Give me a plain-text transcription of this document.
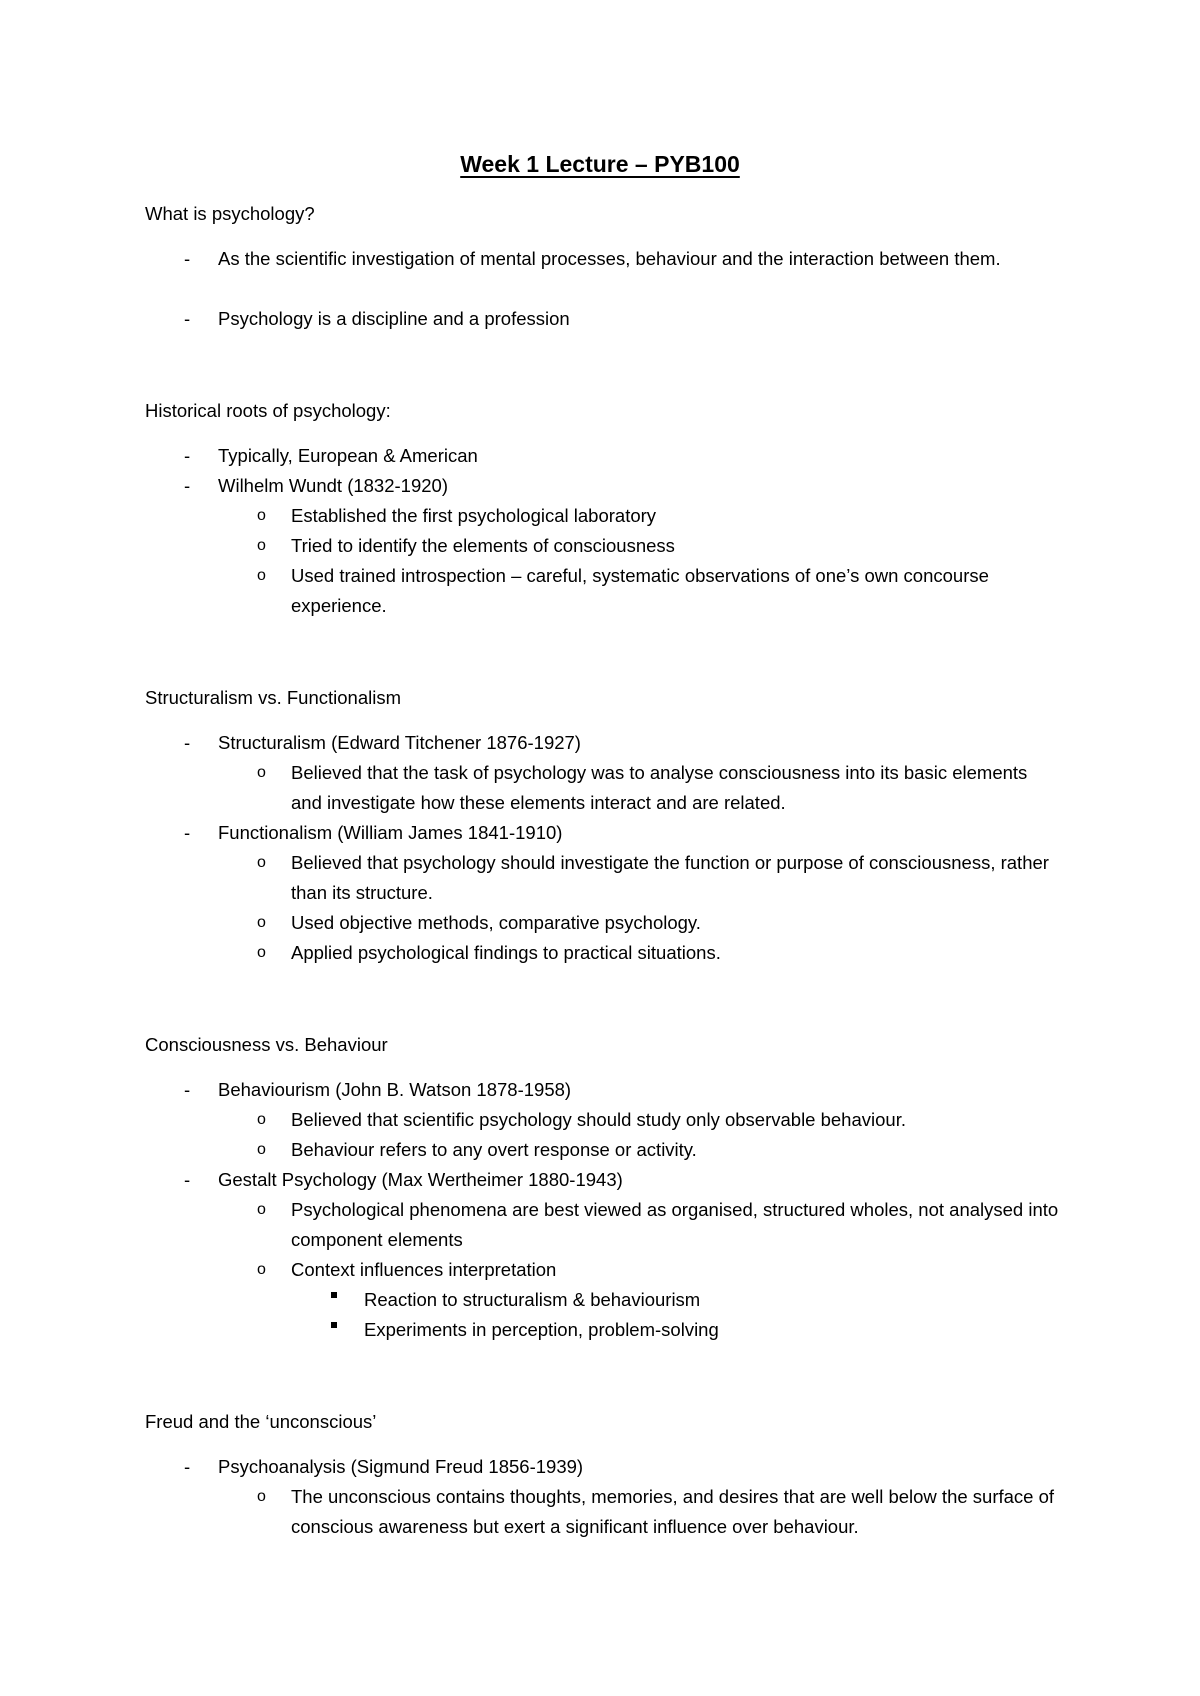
Week 1 Lecture – PYB100
What is psychology?
- As the scientific investigation of mental processes, behaviour and the interaction between them.
- Psychology is a discipline and a profession
Historical roots of psychology:
- Typically, European & American
- Wilhelm Wundt (1832-1920)
o Established the first psychological laboratory
o Tried to identify the elements of consciousness
o Used trained introspection – careful, systematic observations of one’s own concourse experience.
Structuralism vs. Functionalism
- Structuralism (Edward Titchener 1876-1927)
o Believed that the task of psychology was to analyse consciousness into its basic elements and investigate how these elements interact and are related.
- Functionalism (William James 1841-1910)
o Believed that psychology should investigate the function or purpose of consciousness, rather than its structure.
o Used objective methods, comparative psychology.
o Applied psychological findings to practical situations.
Consciousness vs. Behaviour
- Behaviourism (John B. Watson 1878-1958)
o Believed that scientific psychology should study only observable behaviour.
o Behaviour refers to any overt response or activity.
- Gestalt Psychology (Max Wertheimer 1880-1943)
o Psychological phenomena are best viewed as organised, structured wholes, not analysed into component elements
o Context influences interpretation
Reaction to structuralism & behaviourism
Experiments in perception, problem-solving
Freud and the ‘unconscious’
- Psychoanalysis (Sigmund Freud 1856-1939)
o The unconscious contains thoughts, memories, and desires that are well below the surface of conscious awareness but exert a significant influence over behaviour.
